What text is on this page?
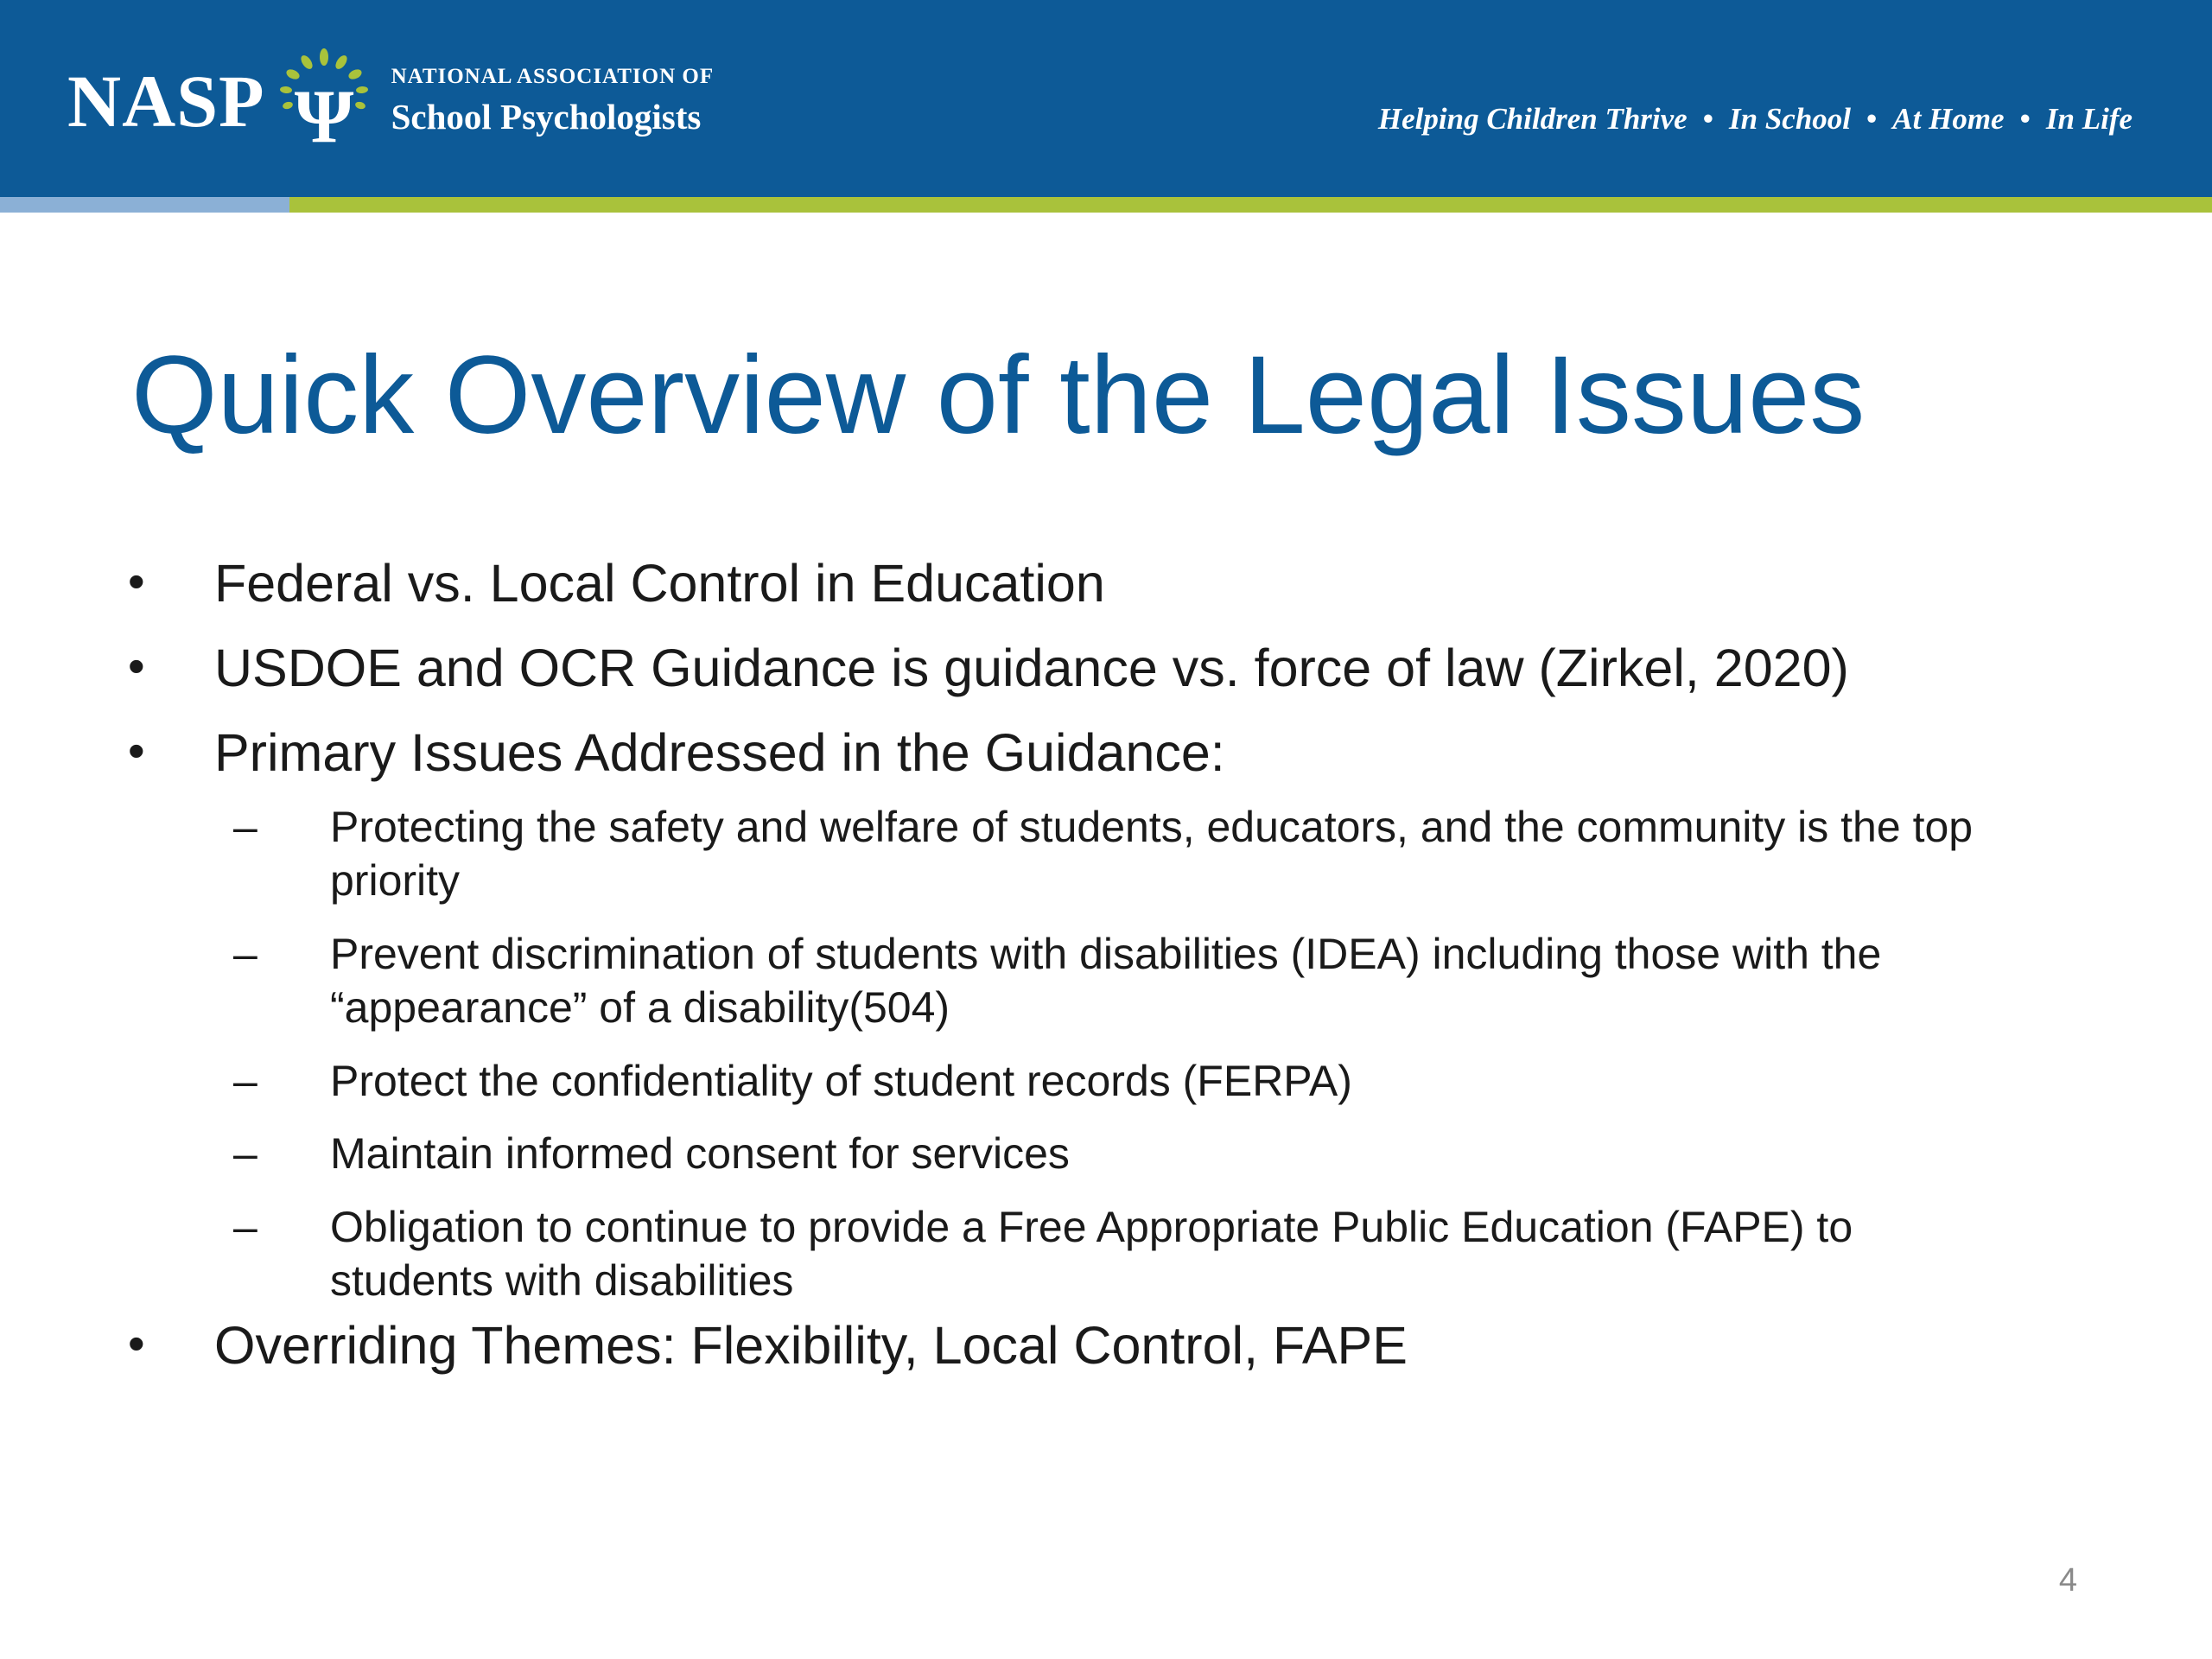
NASP Ψ NATIONAL ASSOCIATION OF
School Psychologists	Helping Children Thrive • In School • At Home • In Life
Quick Overview of the Legal Issues
•	Federal vs. Local Control in Education
•	USDOE and OCR Guidance is guidance vs. force of law (Zirkel, 2020)
•	Primary Issues Addressed in the Guidance:
–	Protecting the safety and welfare of students, educators, and the community is the top priority
–	Prevent discrimination of students with disabilities (IDEA) including those with the “appearance” of a disability(504)
–	Protect the confidentiality of student records (FERPA)
–	Maintain informed consent for services
–	Obligation to continue to provide a Free Appropriate Public Education (FAPE) to students with disabilities
•	Overriding Themes: Flexibility, Local Control, FAPE
4
